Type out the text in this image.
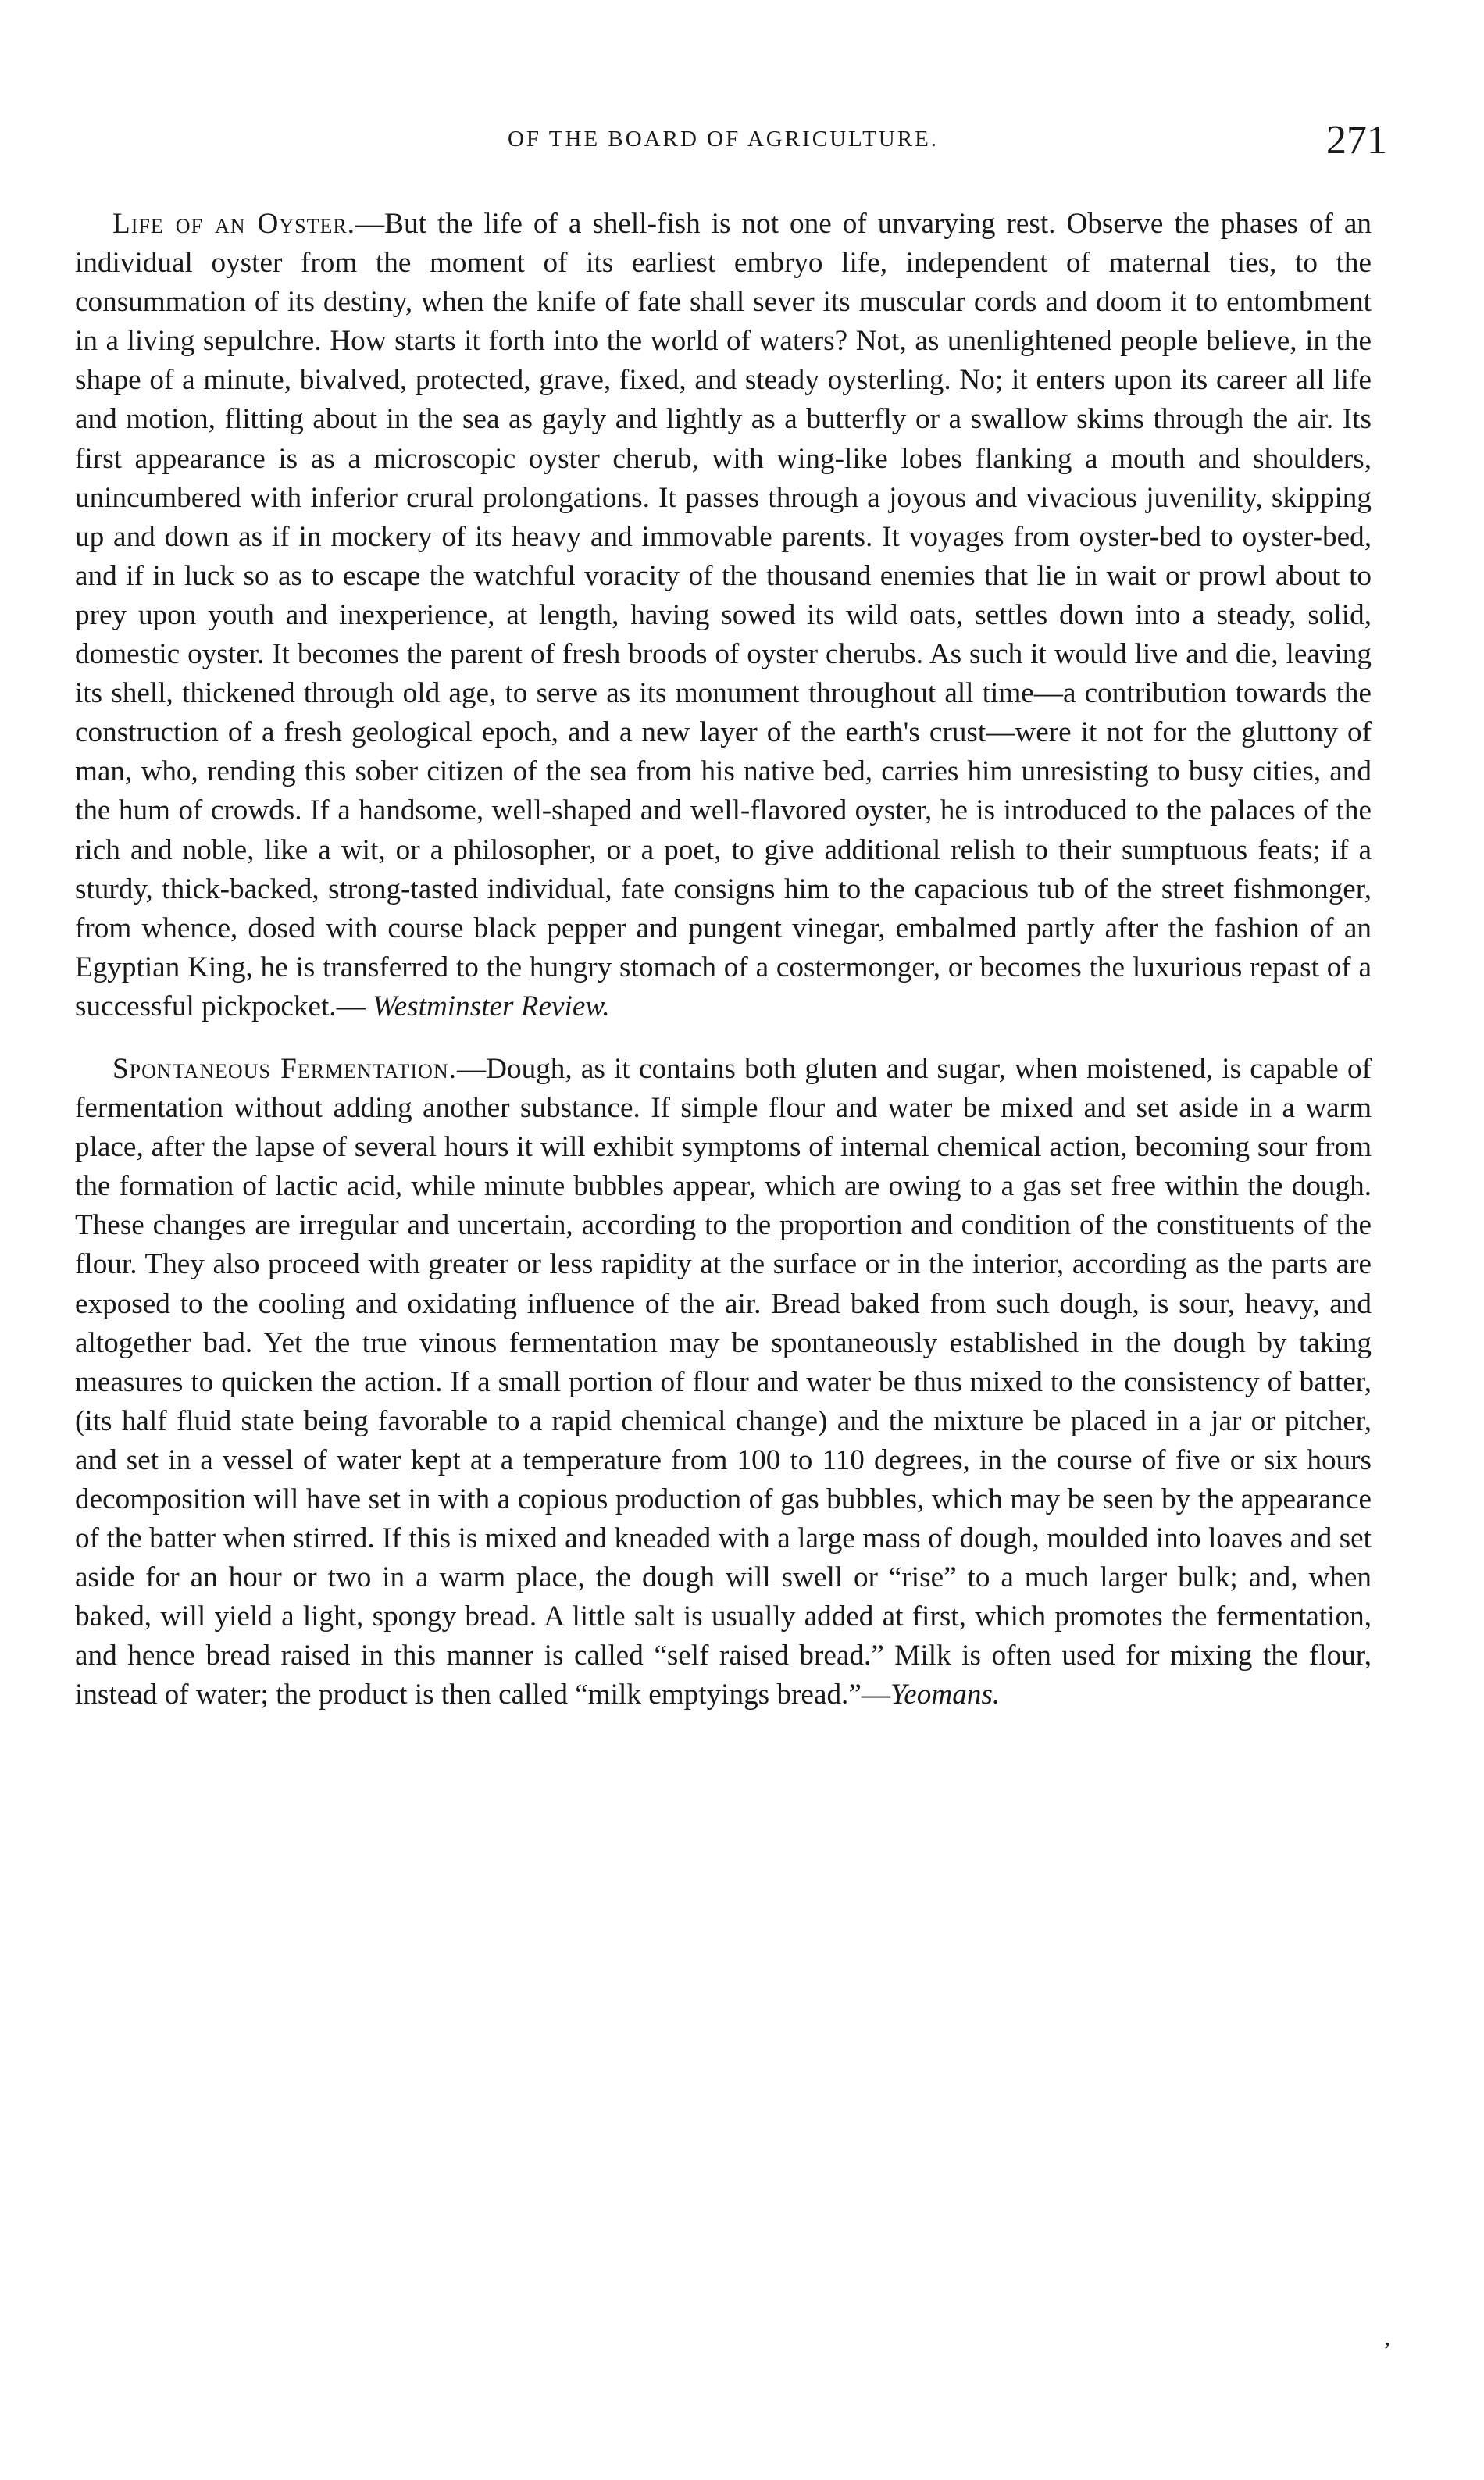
OF THE BOARD OF AGRICULTURE.	271

Life of an Oyster.—But the life of a shell-fish is not one of unvarying rest. Observe the phases of an individual oyster from the moment of its earliest embryo life, independent of maternal ties, to the consummation of its destiny, when the knife of fate shall sever its muscular cords and doom it to entombment in a living sepulchre. How starts it forth into the world of waters? Not, as unenlightened people believe, in the shape of a minute, bivalved, protected, grave, fixed, and steady oysterling. No; it enters upon its career all life and motion, flitting about in the sea as gayly and lightly as a butterfly or a swallow skims through the air. Its first appearance is as a microscopic oyster cherub, with wing-like lobes flanking a mouth and shoulders, unincumbered with inferior crural prolongations. It passes through a joyous and vivacious juvenility, skipping up and down as if in mockery of its heavy and immovable parents. It voyages from oyster-bed to oyster-bed, and if in luck so as to escape the watchful voracity of the thousand enemies that lie in wait or prowl about to prey upon youth and inexperience, at length, having sowed its wild oats, settles down into a steady, solid, domestic oyster. It becomes the parent of fresh broods of oyster cherubs. As such it would live and die, leaving its shell, thickened through old age, to serve as its monument throughout all time—a contribution towards the construction of a fresh geological epoch, and a new layer of the earth's crust—were it not for the gluttony of man, who, rending this sober citizen of the sea from his native bed, carries him unresisting to busy cities, and the hum of crowds. If a handsome, well-shaped and well-flavored oyster, he is introduced to the palaces of the rich and noble, like a wit, or a philosopher, or a poet, to give additional relish to their sumptuous feats; if a sturdy, thick-backed, strong-tasted individual, fate consigns him to the capacious tub of the street fishmonger, from whence, dosed with course black pepper and pungent vinegar, embalmed partly after the fashion of an Egyptian King, he is transferred to the hungry stomach of a costermonger, or becomes the luxurious repast of a successful pickpocket.— Westminster Review.

Spontaneous Fermentation.—Dough, as it contains both gluten and sugar, when moistened, is capable of fermentation without adding another substance. If simple flour and water be mixed and set aside in a warm place, after the lapse of several hours it will exhibit symptoms of internal chemical action, becoming sour from the formation of lactic acid, while minute bubbles appear, which are owing to a gas set free within the dough. These changes are irregular and uncertain, according to the proportion and condition of the constituents of the flour. They also proceed with greater or less rapidity at the surface or in the interior, according as the parts are exposed to the cooling and oxidating influence of the air. Bread baked from such dough, is sour, heavy, and altogether bad. Yet the true vinous fermentation may be spontaneously established in the dough by taking measures to quicken the action. If a small portion of flour and water be thus mixed to the consistency of batter, (its half fluid state being favorable to a rapid chemical change) and the mixture be placed in a jar or pitcher, and set in a vessel of water kept at a temperature from 100 to 110 degrees, in the course of five or six hours decomposition will have set in with a copious production of gas bubbles, which may be seen by the appearance of the batter when stirred. If this is mixed and kneaded with a large mass of dough, moulded into loaves and set aside for an hour or two in a warm place, the dough will swell or “rise” to a much larger bulk; and, when baked, will yield a light, spongy bread. A little salt is usually added at first, which promotes the fermentation, and hence bread raised in this manner is called “self raised bread.” Milk is often used for mixing the flour, instead of water; the product is then called “milk emptyings bread.”—Yeomans.

,
